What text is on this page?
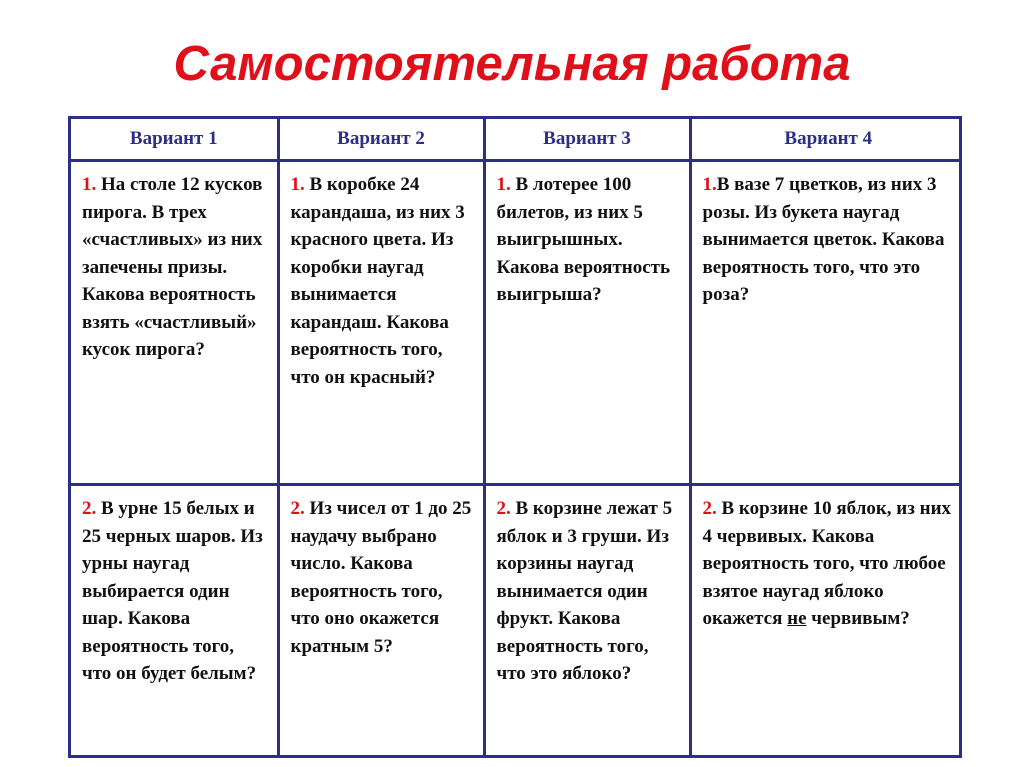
Самостоятельная работа
Вариант 1	Вариант 2	Вариант 3	Вариант 4
1. На столе 12 кусков пирога. В трех «счастливых» из них запечены призы. Какова вероятность взять «счастливый» кусок пирога?	1. В коробке 24 карандаша, из них 3 красного цвета. Из коробки наугад вынимается карандаш. Какова вероятность того, что он красный?	1. В лотерее 100 билетов, из них 5 выигрышных. Какова вероятность выигрыша?	1.В вазе 7 цветков, из них 3 розы. Из букета наугад вынимается цветок. Какова вероятность того, что это роза?
2. В урне 15 белых и 25 черных шаров. Из урны наугад выбирается один шар. Какова вероятность того, что он будет белым?	2. Из чисел от 1 до 25 наудачу выбрано число. Какова вероятность того, что оно окажется кратным 5?	2. В корзине лежат 5 яблок и 3 груши. Из корзины наугад вынимается один фрукт. Какова вероятность того, что это яблоко?	2. В корзине 10 яблок, из них 4 червивых. Какова вероятность того, что любое взятое наугад яблоко окажется не червивым?
